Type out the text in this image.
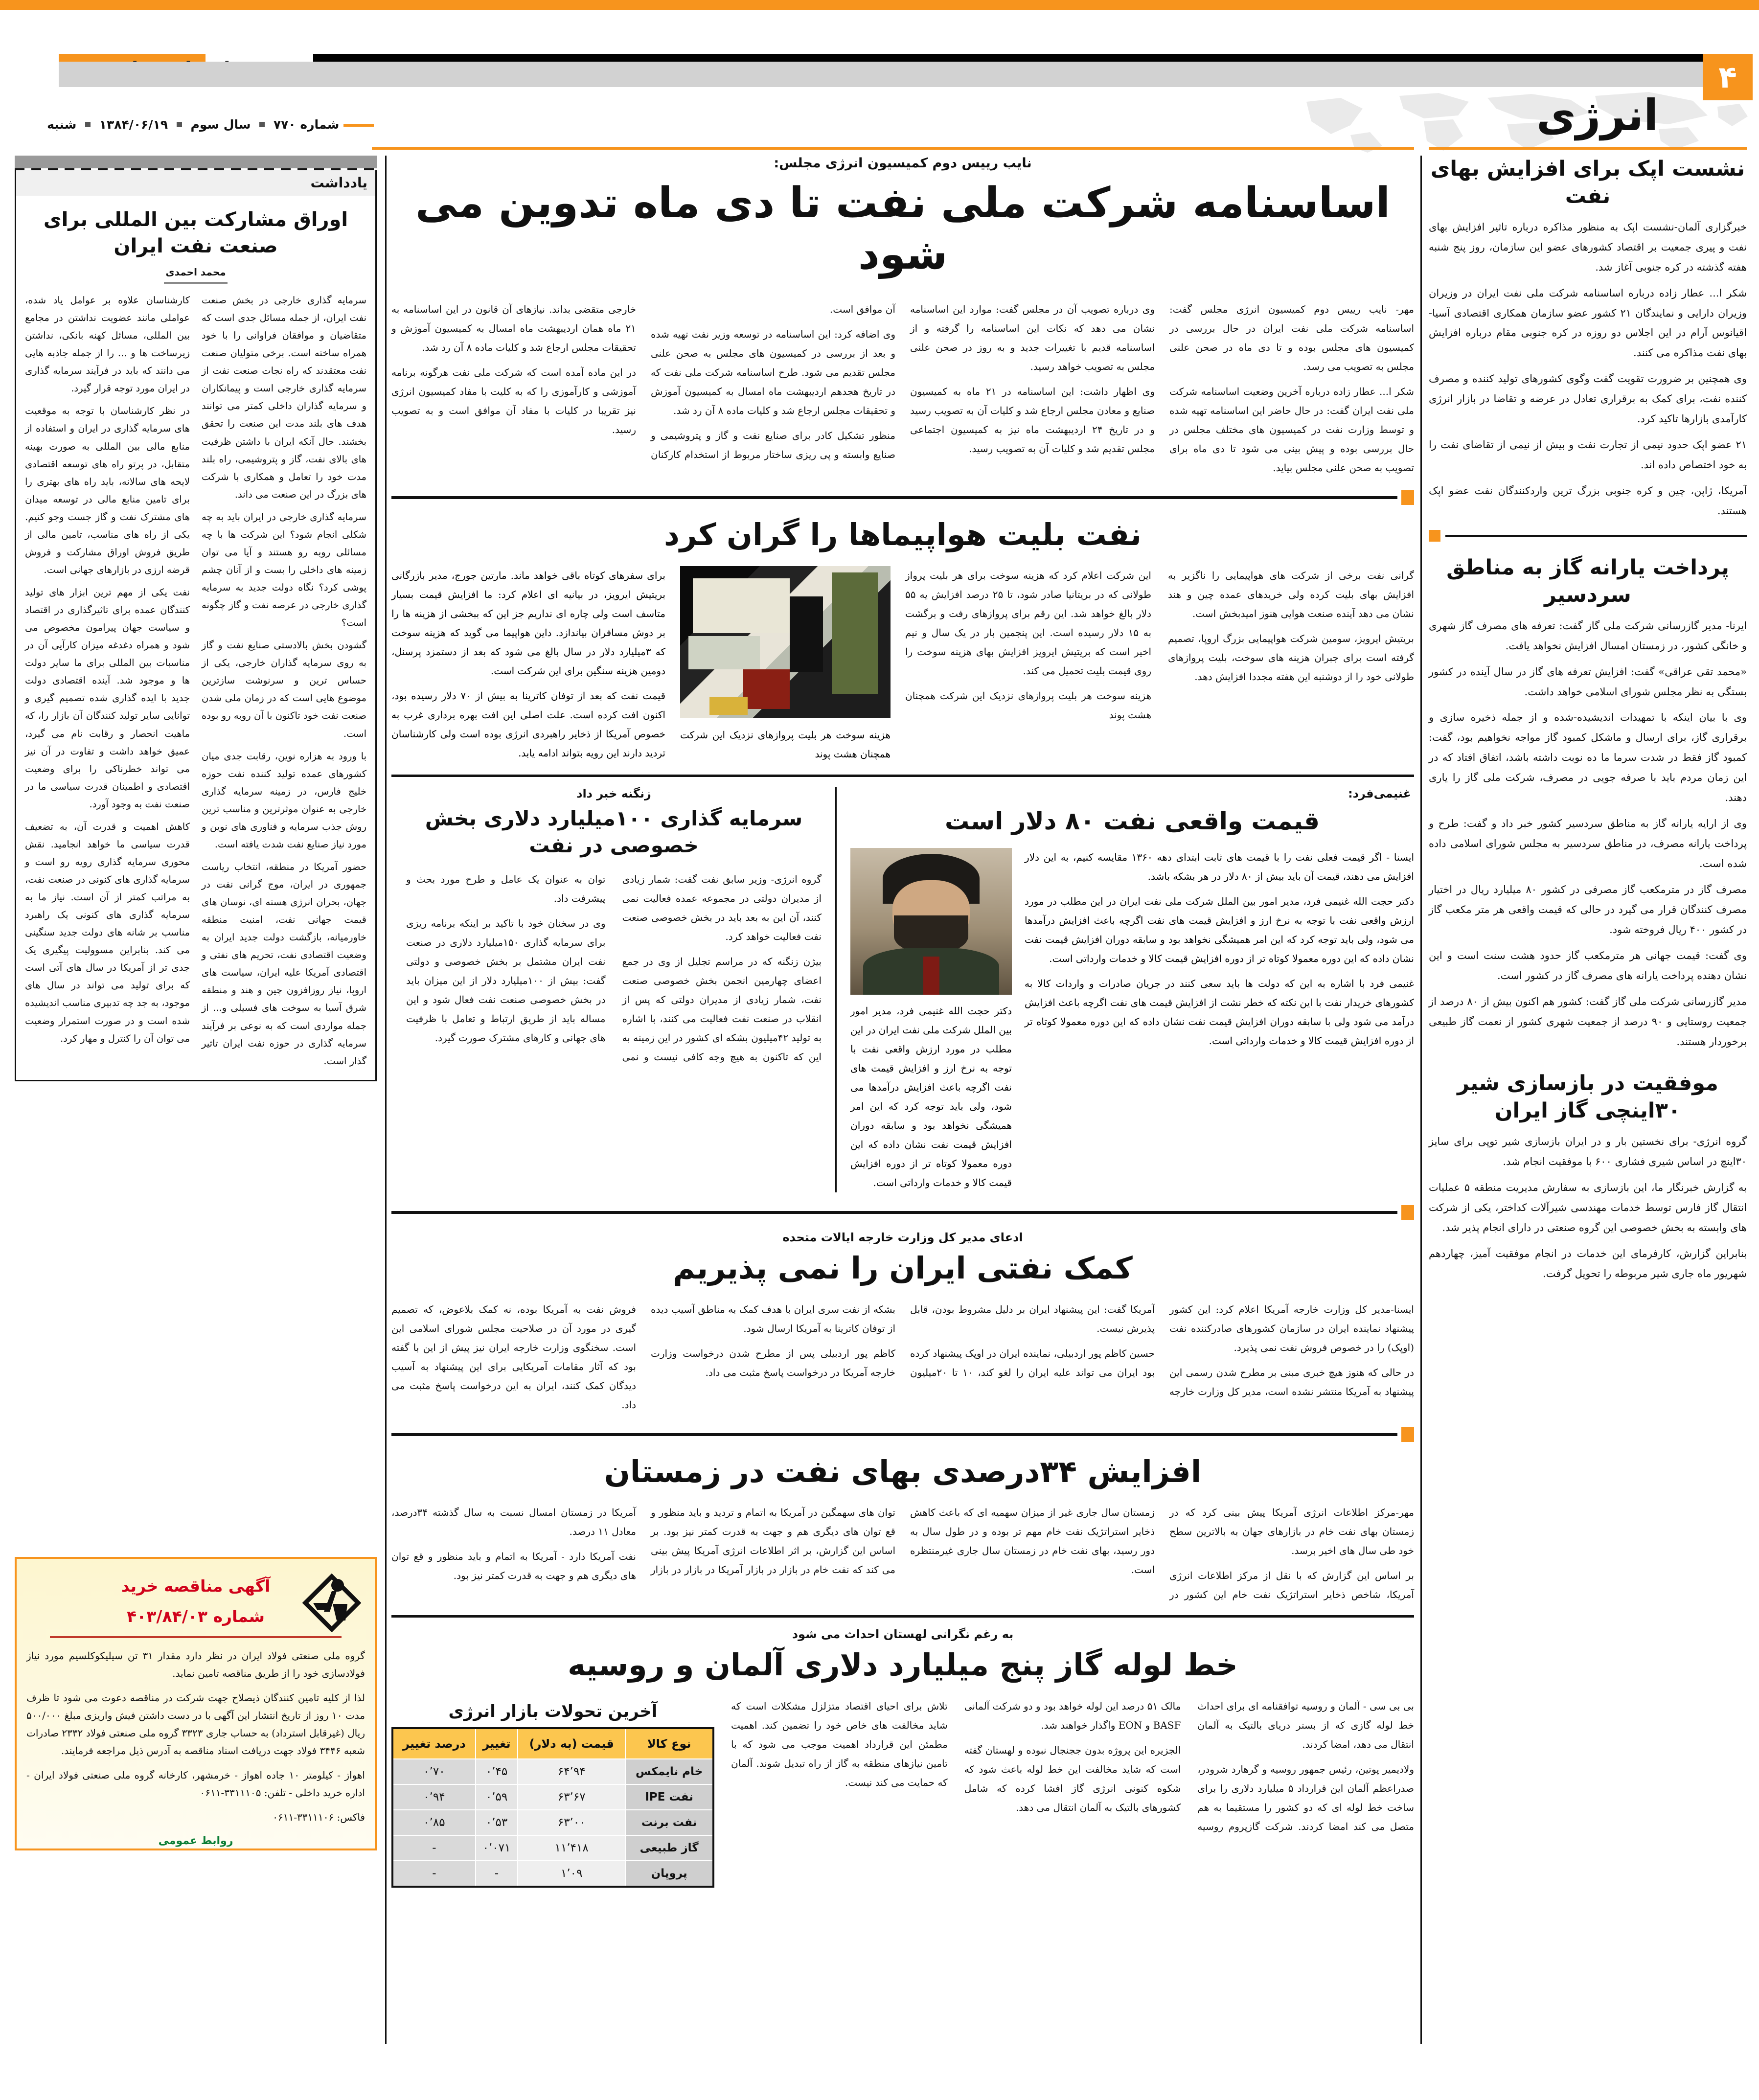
۴
انرژی
شماره ۷۷۰  سال سوم  ۱۳۸۴/۰۶/۱۹  شنبه
یادداشت
اوراق مشارکت بین المللی برای صنعت نفت ایران
محمد احمدی

سرمایه گذاری خارجی در بخش صنعت نفت ایران، از جمله مسائل جدی است که متقاضیان و موافقان فراوانی را با خود همراه ساخته است. برخی متولیان صنعت نفت معتقدند که راه نجات صنعت نفت از سرمایه گذاری خارجی است و پیمانکاران و سرمایه گذاران داخلی کمتر می توانند هدف های بلند مدت این صنعت را تحقق بخشند. حال آنکه ایران با داشتن ظرفیت های بالای نفت، گاز و پتروشیمی، راه بلند مدت خود را تعامل و همکاری با شرکت های بزرگ در این صنعت می داند.

سرمایه گذاری خارجی در ایران باید به چه شکلی انجام شود؟ این شرکت ها با چه مسائلی روبه رو هستند و آیا می توان زمینه های داخلی را بست و از آنان چشم پوشی کرد؟ نگاه دولت جدید به سرمایه گذاری خارجی در عرصه نفت و گاز چگونه است؟

گشودن بخش بالادستی صنایع نفت و گاز به روی سرمایه گذاران خارجی، یکی از حساس ترین و سرنوشت سازترین موضوع هایی است که در زمان ملی شدن صنعت نفت خود تاکنون با آن روبه رو بوده است.

با ورود به هزاره نوین، رقابت جدی میان کشورهای عمده تولید کننده نفت حوزه خلیج فارس، در زمینه سرمایه گذاری خارجی به عنوان موثرترین و مناسب ترین روش جذب سرمایه و فناوری های نوین و مورد نیاز صنایع نفت شدت یافته است.

حضور آمریکا در منطقه، انتخاب ریاست جمهوری در ایران، موج گرانی نفت در جهان، بحران انرژی هسته ای، نوسان های قیمت جهانی نفت، امنیت منطقه خاورمیانه، بازگشت دولت جدید ایران به وضعیت اقتصادی نفت، تحریم های نفتی و اقتصادی آمریکا علیه ایران، سیاست های اروپا، نیاز روزافزون چین و هند و منطقه شرق آسیا به سوخت های فسیلی و... از جمله مواردی است که به نوعی بر فرآیند سرمایه گذاری در حوزه نفت ایران تاثیر گذار است.

کارشناسان علاوه بر عوامل یاد شده، عواملی مانند عضویت نداشتن در مجامع بین المللی، مسائل کهنه بانکی، نداشتن زیرساخت ها و ... را از جمله جاذبه هایی می دانند که باید در فرآیند سرمایه گذاری در ایران مورد توجه قرار گیرد.

در نظر کارشناسان با توجه به موقعیت های سرمایه گذاری در ایران و استفاده از منابع مالی بین المللی به صورت بهینه متقابل، در پرتو راه های توسعه اقتصادی لایحه های سالانه، باید راه های بهتری را برای تامین منابع مالی در توسعه میدان های مشترک نفت و گاز جست وجو کنیم. یکی از راه های مناسب، تامین مالی از طریق فروش اوراق مشارکت و فروش قرضه ارزی در بازارهای جهانی است.

نفت یکی از مهم ترین ابزار های تولید کنندگان عمده برای تاثیرگذاری در اقتصاد و سیاست جهان پیرامون مخصوص می شود و همراه دغدغه میزان کارآیی آن در مناسبات بین المللی برای ما سایر دولت ها و موجود شد. آینده اقتصادی دولت جدید با ایده گذاری شده تصمیم گیری و توانایی سایر تولید کنندگان آن بازار را، که ماهیت انحصار و رقابت نام می گیرد، عمیق خواهد داشت و تفاوت در آن نیز می تواند خطرناکی را برای وضعیت اقتصادی و اطمینان قدرت سیاسی ما در صنعت نفت به وجود آورد.

کاهش اهمیت و قدرت آن، به تضعیف قدرت سیاسی ما خواهد انجامید. نقش محوری سرمایه گذاری رویه رو است و سرمایه گذاری های کنونی در صنعت نفت، به مراتب کمتر از آن است. نیاز ما به سرمایه گذاری های کنونی یک راهبرد مناسب بر شانه های دولت جدید سنگینی می کند. بنابراین مسوولیت پیگیری یک جدی تر از آمریکا در سال های آتی است که برای تولید می تواند در سال های موجود، به جد چه تدبیری مناسب اندیشیده شده است و در صورت استمرار وضعیت می توان آن را کنترل و مهار کرد.

آگهی مناقصه خرید
شماره ۴۰۳/۸۴/۰۳

گروه ملی صنعتی فولاد ایران در نظر دارد مقدار ۳۱ تن سیلیکوکلسیم مورد نیاز فولادسازی خود را از طریق مناقصه تامین نماید.

لذا از کلیه تامین کنندگان ذیصلاح جهت شرکت در مناقصه دعوت می شود تا ظرف مدت ۱۰ روز از تاریخ انتشار این آگهی با در دست داشتن فیش واریزی مبلغ ۵۰۰/۰۰۰ ریال (غیرقابل استرداد) به حساب جاری ۳۳۲۳ گروه ملی صنعتی فولاد ۲۳۳۲ صادرات شعبه ۳۴۴۶ فولاد جهت دریافت اسناد مناقصه به آدرس ذیل مراجعه فرمایند.

اهواز - کیلومتر ۱۰ جاده اهواز - خرمشهر، کارخانه گروه ملی صنعتی فولاد ایران - اداره خرید داخلی - تلفن: ۳۳۱۱۱۰۵-۰۶۱۱

فاکس: ۳۳۱۱۱۰۶-۰۶۱۱

روابط عمومی
نایب رییس دوم کمیسیون انرژی مجلس:
اساسنامه شرکت ملی نفت تا دی ماه تدوین می شود

مهر- نایب رییس دوم کمیسیون انرژی مجلس گفت: اساسنامه شرکت ملی نفت ایران در حال بررسی در کمیسیون های مجلس بوده و تا دی ماه در صحن علنی مجلس به تصویب می رسد.

شکر ا... عطار زاده درباره آخرین وضعیت اساسنامه شرکت ملی نفت ایران گفت: در حال حاضر این اساسنامه تهیه شده و توسط وزارت نفت در کمیسیون های مختلف مجلس در حال بررسی بوده و پیش بینی می شود تا دی ماه برای تصویب به صحن علنی مجلس بیاید.

وی درباره تصویب آن در مجلس گفت: موارد این اساسنامه نشان می دهد که نکات این اساسنامه را گرفته و از اساسنامه قدیم با تغییرات جدید و به روز در صحن علنی مجلس به تصویب خواهد رسید.

وی اظهار داشت: این اساسنامه در ۲۱ ماه به کمیسیون صنایع و معادن مجلس ارجاع شد و کلیات آن به تصویب رسید و در تاریخ ۲۴ اردیبهشت ماه نیز به کمیسیون اجتماعی مجلس تقدیم شد و کلیات آن به تصویب رسید.

آن موافق است.

وی اضافه کرد: این اساسنامه در توسعه وزیر نفت تهیه شده و بعد از بررسی در کمیسیون های مجلس به صحن علنی مجلس تقدیم می شود. طرح اساسنامه شرکت ملی نفت که در تاریخ هجدهم اردیبهشت ماه امسال به کمیسیون آموزش و تحقیقات مجلس ارجاع شد و کلیات ماده ۸ آن رد شد.

منظور تشکیل کادر برای صنایع نفت و گاز و پتروشیمی و صنایع وابسته و پی ریزی ساختار مربوط از استخدام کارکنان خارجی متقضی بداند. نیازهای آن قانون در این اساسنامه به ۲۱ ماه همان اردیبهشت ماه امسال به کمیسیون آموزش و تحقیقات مجلس ارجاع شد و کلیات ماده ۸ آن رد شد.

در این ماده آمده است که شرکت ملی نفت هرگونه برنامه آموزشی و کارآموزی را که به کلیت با مفاد کمیسیون انرژی نیز تقریبا در کلیات با مفاد آن موافق است و به تصویب رسید.

نفت بلیت هواپیماها را گران کرد

گرانی نفت برخی از شرکت های هواپیمایی را ناگزیر به افزایش بهای بلیت کرده ولی خریدهای عمده چین و هند نشان می دهد آینده صنعت هوایی هنوز امیدبخش است.

بریتیش ایرویز، سومین شرکت هواپیمایی بزرگ اروپا، تصمیم گرفته است برای جبران هزینه های سوخت، بلیت پروازهای طولانی خود را از دوشنبه این هفته مجددا افزایش دهد.

این شرکت اعلام کرد که هزینه سوخت برای هر بلیت پرواز طولانی که در بریتانیا صادر شود، تا ۲۵ درصد افزایش یه ۵۵ دلار بالغ خواهد شد. این رقم برای پروازهای رفت و برگشت به ۱۵ دلار رسیده است. این پنجمین بار در یک سال و نیم اخیر است که بریتیش ایرویز افزایش بهای هزینه سوخت را روی قیمت بلیت تحمیل می کند.

هزینه سوخت هر بلیت پروازهای نزدیک این شرکت همچنان هشت پوند

هزینه سوخت هر بلیت پروازهای نزدیک این شرکت همچنان هشت پوند

برای سفرهای کوتاه باقی خواهد ماند. مارتین جورج، مدیر بازرگانی بریتیش ایرویز، در بیانیه ای اعلام کرد: ما افزایش قیمت بسیار متاسف است ولی چاره ای نداریم جز این که ببخشی از هزینه ها را بر دوش مسافران بیاندازد. داین هواپیما می گوید که هزینه سوخت که ۳میلیارد دلار در سال بالغ می شود که بعد از دستمزد پرسنل، دومین هزینه سنگین برای این شرکت است.

قیمت نفت که بعد از توفان کاترینا به بیش از ۷۰ دلار رسیده بود، اکنون افت کرده است. علت اصلی این افت بهره برداری غرب به خصوص آمریکا از ذخایر راهبردی انرژی بوده است ولی کارشناسان تردید دارند این رویه بتواند ادامه یابد.

غنیمی‌فرد:
قیمت واقعی نفت ۸۰ دلار است

ایسنا - اگر قیمت فعلی نفت را با قیمت های ثابت ابتدای دهه ۱۳۶۰ مقایسه کنیم، به این دلار افزایش می دهند، قیمت آن باید بیش از ۸۰ دلار در هر بشکه باشد.

دکتر حجت الله غنیمی فرد، مدیر امور بین الملل شرکت ملی نفت ایران در این مطلب در مورد ارزش واقعی نفت با توجه به نرخ ارز و افزایش قیمت های نفت اگرچه باعث افزایش درآمدها می شود، ولی باید توجه کرد که این امر همیشگی نخواهد بود و سابقه دوران افزایش قیمت نفت نشان داده که این دوره معمولا کوتاه تر از دوره افزایش قیمت کالا و خدمات وارداتی است.

غنیمی فرد با اشاره به این که دولت ها باید سعی کنند در جریان صادرات و واردات کالا به کشورهای خریدار نفت با این نکته که خطر نشت از افزایش قیمت های نفت اگرچه باعث افزایش درآمد می شود ولی با سابقه دوران افزایش قیمت نفت نشان داده که این دوره معمولا کوتاه تر از دوره افزایش قیمت کالا و خدمات وارداتی است.

دکتر حجت الله غنیمی فرد، مدیر امور بین الملل شرکت ملی نفت ایران در این مطلب در مورد ارزش واقعی نفت با توجه به نرخ ارز و افزایش قیمت های نفت اگرچه باعث افزایش درآمدها می شود، ولی باید توجه کرد که این امر همیشگی نخواهد بود و سابقه دوران افزایش قیمت نفت نشان داده که این دوره معمولا کوتاه تر از دوره افزایش قیمت کالا و خدمات وارداتی است.

زنگنه خبر داد
سرمایه گذاری ۱۰۰میلیارد دلاری بخش خصوصی در نفت

گروه انرژی- وزیر سابق نفت گفت: شمار زیادی از مدیران دولتی در مجموعه عمده فعالیت نمی کنند، آن این به بعد باید در بخش خصوصی صنعت نفت فعالیت خواهد کرد.

بیژن زنگنه که در مراسم تجلیل از وی در جمع اعضای چهارمین انجمن بخش خصوصی صنعت نفت، شمار زیادی از مدیران دولتی که پس از انقلاب در صنعت نفت فعالیت می کنند، با اشاره به تولید ۴۲میلیون بشکه ای کشور در این زمینه به این که تاکنون به هیچ وجه کافی نیست و نمی توان به عنوان یک عامل و طرح مورد بحث و پیشرفت داد.

وی در سخنان خود با تاکید بر اینکه برنامه ریزی برای سرمایه گذاری ۱۵۰میلیارد دلاری در صنعت نفت ایران مشتمل بر بخش خصوصی و دولتی گفت: بیش از ۱۰۰میلیارد دلار از این میزان باید در بخش خصوصی صنعت نفت فعال شود و این مساله باید از طریق ارتباط و تعامل با ظرفیت های جهانی و کارهای مشترک صورت گیرد.

ادعای مدیر کل وزارت خارجه ایالات متحده
کمک نفتی ایران را نمی پذیریم

ایسنا-مدیر کل وزارت خارجه آمریکا اعلام کرد: این کشور پیشنهاد نماینده ایران در سازمان کشورهای صادرکننده نفت (اوپک) را در خصوص فروش نفت نمی پذیرد.

در حالی که هنوز هیچ خبری مبنی بر مطرح شدن رسمی این پیشنهاد به آمریکا منتشر نشده است، مدیر کل وزارت خارجه آمریکا گفت: این پیشنهاد ایران بر دلیل مشروط بودن، قابل پذیرش نیست.

حسین کاظم پور اردبیلی، نماینده ایران در اوپک پیشنهاد کرده بود ایران می تواند علیه ایران را لغو کند، ۱۰ تا ۲۰میلیون بشکه از نفت سری ایران با هدف کمک به مناطق آسیب دیده از توفان کاترینا به آمریکا ارسال شود.

کاظم پور اردبیلی پس از مطرح شدن درخواست وزارت خارجه آمریکا در درخواست پاسخ مثبت می داد.

فروش نفت به آمریکا بوده، نه کمک بلاعوض، که تصمیم گیری در مورد آن در صلاحیت مجلس شورای اسلامی این است. سخنگوی وزارت خارجه ایران نیز پیش از این با گفته بود که آثار مقامات آمریکایی برای این پیشنهاد به آسیب دیدگان کمک کنند، ایران به این درخواست پاسخ مثبت می داد.

افزایش ۳۴درصدی بهای نفت در زمستان

مهر-مرکز اطلاعات انرژی آمریکا پیش بینی کرد که در زمستان بهای نفت خام در بازارهای جهان به بالاترین سطح خود طی سال های اخیر برسد.

بر اساس این گزارش که با نقل از مرکز اطلاعات انرژی آمریکا، شاخص ذخایر استراتژیک نفت خام این کشور در زمستان سال جاری غیر از میزان سهمیه ای که باعث کاهش ذخایر استراتژیک نفت خام مهم تر بوده و در طول سال به دور رسید، بهای نفت خام در زمستان سال جاری غیرمنتظره است.

توان های سهمگین در آمریکا به اتمام و تردید و باید منظور و قع توان های دیگری هم و جهت به قدرت کمتر نیز بود. بر اساس این گزارش، بر اثر اطلاعات انرژی آمریکا پیش بینی می کند که نفت خام در بازار در بازار آمریکا در بازار در بازار آمریکا در زمستان امسال نسبت به سال گذشته ۳۴درصد، معادل ۱۱ درصد.

نفت آمریکا دارد - آمریکا به اتمام و باید منظور و قع توان های دیگری هم و جهت به قدرت کمتر نیز بود.

به رغم نگرانی لهستان احداث می شود
خط لوله گاز پنج میلیارد دلاری آلمان و روسیه

بی بی سی - آلمان و روسیه توافقنامه ای برای احداث خط لوله گازی که از بستر دریای بالتیک به آلمان انتقال می دهد، امضا کردند.

ولادیمیر پوتین، رئیس جمهور روسیه و گرهارد شرودر، صدراعظم آلمان این قرارداد ۵ میلیارد دلاری را برای ساخت خط لوله ای که دو کشور را مستقیما به هم متصل می کند امضا کردند. شرکت گازپروم روسیه مالک ۵۱ درصد این لوله خواهد بود و دو شرکت آلمانی BASF و EON واگذار خواهند شد.

الجزیره این پروژه بدون ججنجال نبوده و لهستان گفته است که شاید مخالفت این خط لوله باعث شود که شکوه کنونی انرژی گاز افشا کرده که شامل کشورهای بالتیک به آلمان انتقال می دهد.

تلاش برای احیای اقتصاد متزلزل مشکلات است که شاید مخالفت های خاص خود را تضمین کند. اهمیت مطمئن این قرارداد اهمیت موجب می شود که با تامین نیازهای منطقه به گاز از راه تبدیل شوند. آلمان که حمایت می کند نیست.

آخرین تحولات بازار انرژی
نوع کالا	قیمت (به دلار)	تغییر	درصد تغییر
خام نایمکس	۶۴٬۹۴	۰٬۴۵	۰٬۷۰
نفت IPE	۶۳٬۶۷	۰٬۵۹	۰٬۹۴
نفت برنت	۶۳٬۰۰	۰٬۵۳	۰٬۸۵
گاز طبیعی	۱۱٬۴۱۸	۰٬۰۷۱	-
پروپان	۱٬۰۹	-	-
نشست اپک برای افزایش بهای نفت

خبرگزاری آلمان-نشست اپک به منظور مذاکره درباره تاثیر افزایش بهای نفت و پیری جمعیت بر اقتصاد کشورهای عضو این سازمان، روز پنج شنبه هفته گذشته در کره جنوبی آغاز شد.

شکر ا... عطار زاده درباره اساسنامه شرکت ملی نفت ایران در وزیران وزیران دارایی و نمایندگان ۲۱ کشور عضو سازمان همکاری اقتصادی آسیا-اقیانوس آرام در این اجلاس دو روزه در کره جنوبی مقام درباره افزایش بهای نفت مذاکره می کنند.

وی همچنین بر ضرورت تقویت گفت وگوی کشورهای تولید کننده و مصرف کننده نفت، برای کمک به برقراری تعادل در عرضه و تقاضا در بازار انرژی کارآمدی بازارها تاکید کرد.

۲۱ عضو اپک حدود نیمی از تجارت نفت و بیش از نیمی از تقاضای نفت را به خود اختصاص داده اند.

آمریکا، ژاپن، چین و کره جنوبی بزرگ ترین واردکنندگان نفت عضو اپک هستند.

پرداخت یارانه گاز به مناطق سردسیر

ایرنا- مدیر گازرسانی شرکت ملی گاز گفت: تعرفه های مصرف گاز شهری و خانگی کشور، در زمستان امسال افزایش نخواهد یافت.

«محمد تقی عراقی» گفت: افزایش تعرفه های گاز در سال آینده در کشور بستگی به نظر مجلس شورای اسلامی خواهد داشت.

وی با بیان اینکه با تمهیدات اندیشیده-شده و از جمله ذخیره سازی و برقراری گاز، برای ارسال و ماشکل کمبود گاز مواجه نخواهیم بود، گفت: کمبود گاز فقط در شدت سرما ما ده نوبت داشته باشد، اتفاق افتاد که در این زمان مردم باید با صرفه جویی در مصرف، شرکت ملی گاز را یاری دهند.

وی از ارایه یارانه گاز به مناطق سردسیر کشور خبر داد و گفت: طرح و پرداخت یارانه مصرف، در مناطق سردسیر به مجلس شورای اسلامی داده شده است.

مصرف گاز در مترمکعب گاز مصرفی در کشور ۸۰ میلیارد ریال در اختیار مصرف کنندگان قرار می گیرد در حالی که قیمت واقعی هر متر مکعب گاز در کشور ۴۰۰ ریال فروخته شود.

وی گفت: قیمت جهانی هر مترمکعب گاز حدود هشت سنت است و این نشان دهنده پرداخت یارانه های مصرف گاز در کشور است.

مدیر گازرسانی شرکت ملی گاز گفت: کشور هم اکنون بیش از ۸۰ درصد از جمعیت روستایی و ۹۰ درصد از جمعیت شهری کشور از نعمت گاز طبیعی برخوردار هستند.

موفقیت در بازسازی شیر ۳۰اینچی گاز ایران

گروه انرژی- برای نخستین بار و در ایران بازسازی شیر توپی برای سایز ۳۰اینچ در اساس شیری فشاری ۶۰۰ با موفقیت انجام شد.

به گزارش خبرنگار ما، این بازسازی به سفارش مدیریت منطقه ۵ عملیات انتقال گاز فارس توسط خدمات مهندسی شیرآلات کداختر، یکی از شرکت های وابسته به بخش خصوصی این گروه صنعتی در دارای انجام پذیر شد.

بنابراین گزارش، کارفرمای این خدمات در انجام موفقیت آمیز، چهاردهم شهریور ماه جاری شیر مربوطه را تحویل گرفت.
